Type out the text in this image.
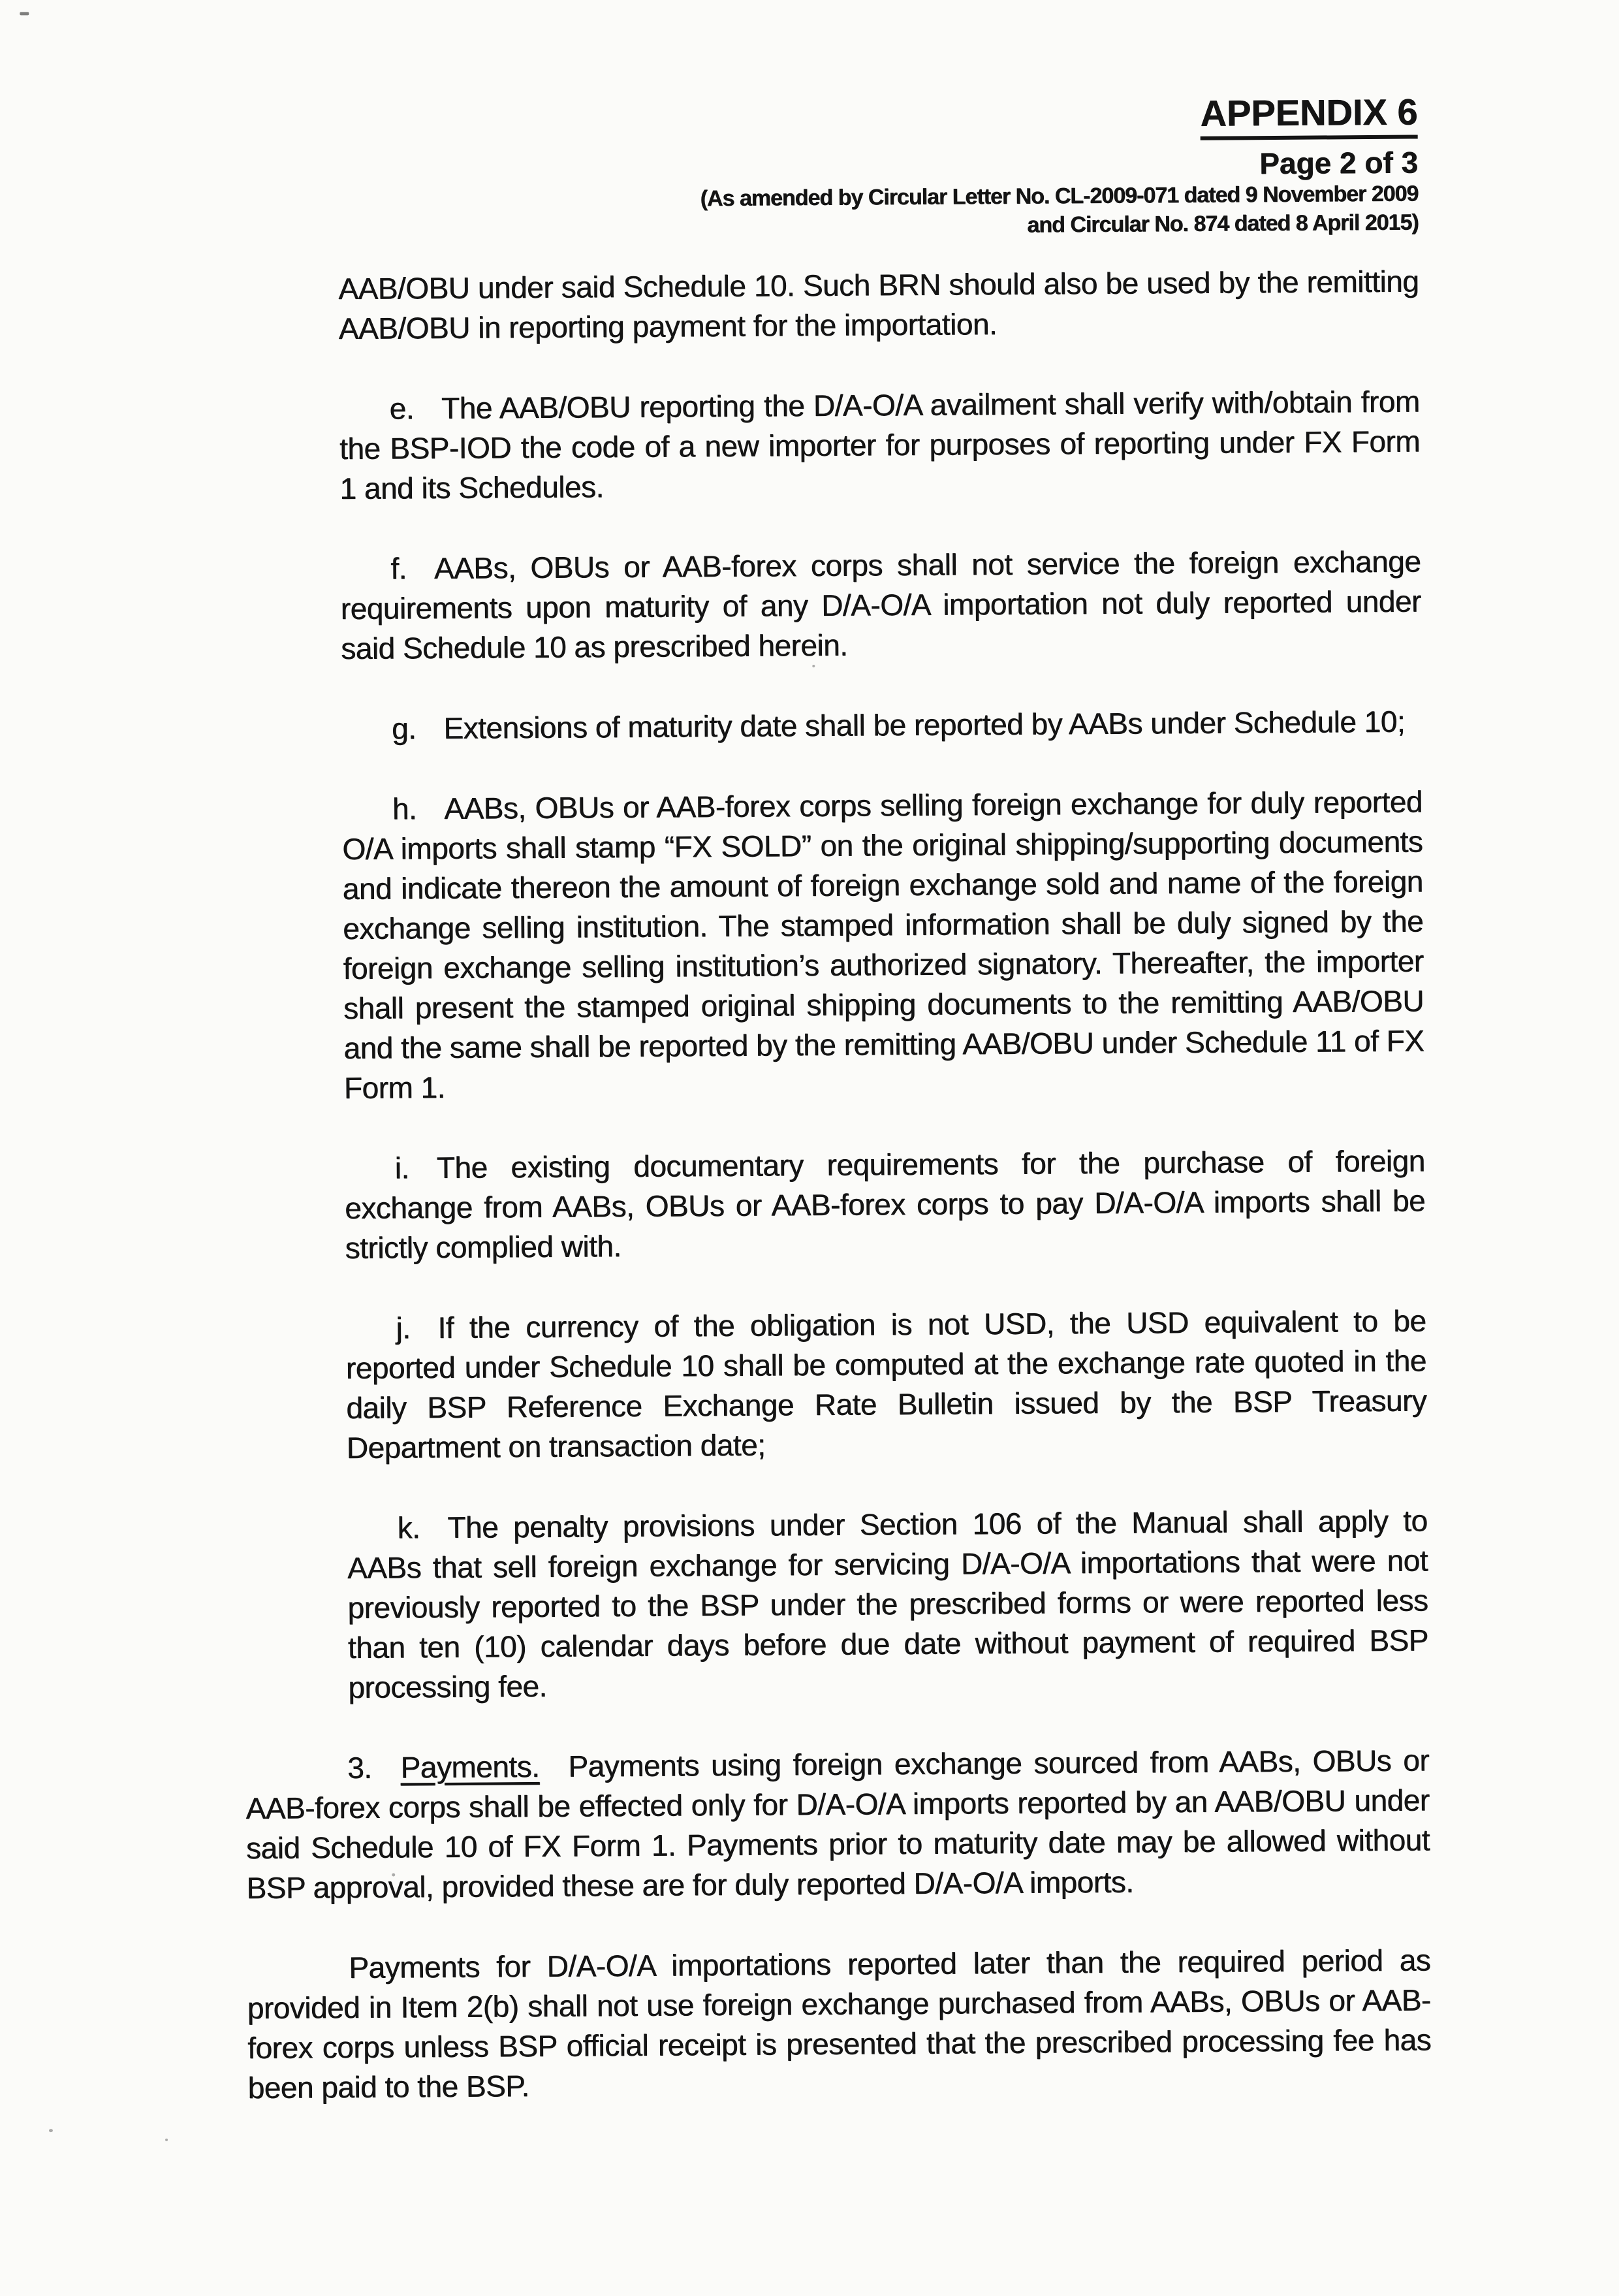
APPENDIX 6
Page 2 of 3
(As amended by Circular Letter No. CL-2009-071 dated 9 November 2009
and Circular No. 874 dated 8 April 2015)

AAB/OBU under said Schedule 10. Such BRN should also be used by the remitting AAB/OBU in reporting payment for the importation.

e. The AAB/OBU reporting the D/A-O/A availment shall verify with/obtain from the BSP-IOD the code of a new importer for purposes of reporting under FX Form 1 and its Schedules.

f. AABs, OBUs or AAB-forex corps shall not service the foreign exchange requirements upon maturity of any D/A-O/A importation not duly reported under said Schedule 10 as prescribed herein.

g. Extensions of maturity date shall be reported by AABs under Schedule 10;

h. AABs, OBUs or AAB-forex corps selling foreign exchange for duly reported O/A imports shall stamp “FX SOLD” on the original shipping/supporting documents and indicate thereon the amount of foreign exchange sold and name of the foreign exchange selling institution. The stamped information shall be duly signed by the foreign exchange selling institution’s authorized signatory. Thereafter, the importer shall present the stamped original shipping documents to the remitting AAB/OBU and the same shall be reported by the remitting AAB/OBU under Schedule 11 of FX Form 1.

i. The existing documentary requirements for the purchase of foreign exchange from AABs, OBUs or AAB-forex corps to pay D/A-O/A imports shall be strictly complied with.

j. If the currency of the obligation is not USD, the USD equivalent to be reported under Schedule 10 shall be computed at the exchange rate quoted in the daily BSP Reference Exchange Rate Bulletin issued by the BSP Treasury Department on transaction date;

k. The penalty provisions under Section 106 of the Manual shall apply to AABs that sell foreign exchange for servicing D/A-O/A importations that were not previously reported to the BSP under the prescribed forms or were reported less than ten (10) calendar days before due date without payment of required BSP processing fee.

3. Payments. Payments using foreign exchange sourced from AABs, OBUs or AAB-forex corps shall be effected only for D/A-O/A imports reported by an AAB/OBU under said Schedule 10 of FX Form 1. Payments prior to maturity date may be allowed without BSP approval, provided these are for duly reported D/A-O/A imports.

Payments for D/A-O/A importations reported later than the required period as provided in Item 2(b) shall not use foreign exchange purchased from AABs, OBUs or AAB-forex corps unless BSP official receipt is presented that the prescribed processing fee has been paid to the BSP.
